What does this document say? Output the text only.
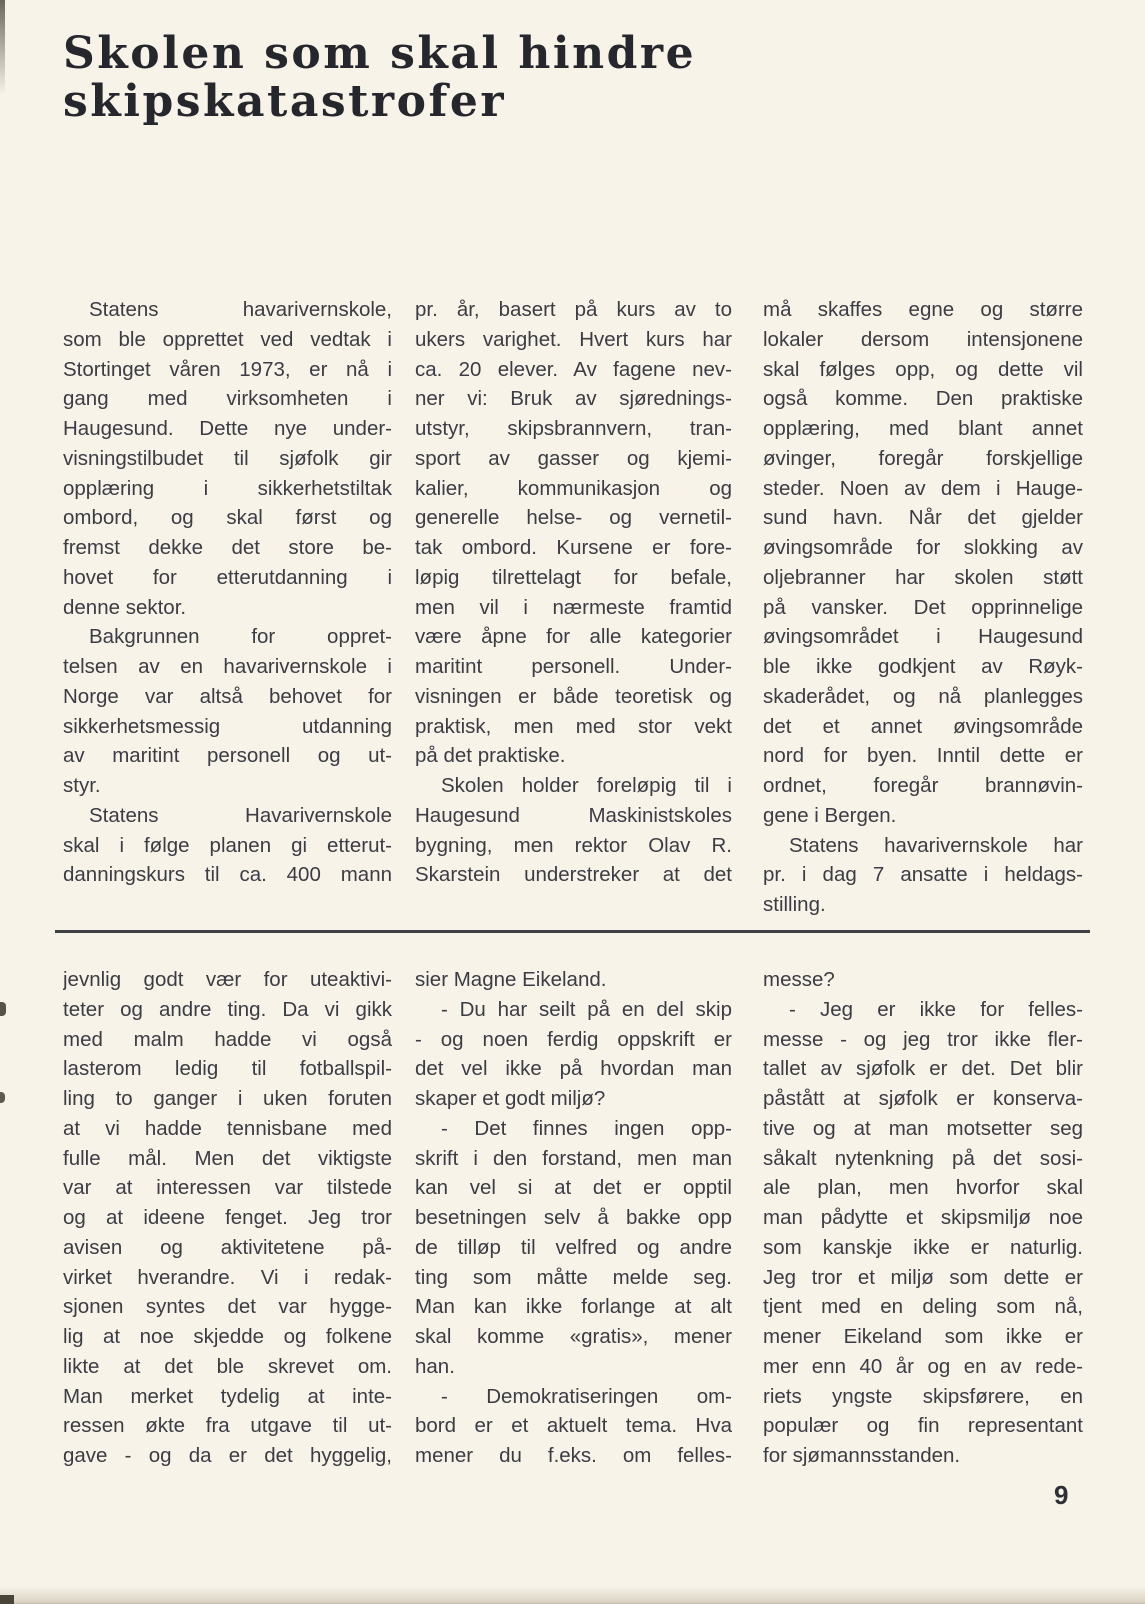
Skolen som skal hindre
skipskatastrofer
Statens havarivernskole,
som ble opprettet ved vedtak i
Stortinget våren 1973, er nå i
gang med virksomheten i
Haugesund. Dette nye under-
visningstilbudet til sjøfolk gir
opplæring i sikkerhetstiltak
ombord, og skal først og
fremst dekke det store be-
hovet for etterutdanning i
denne sektor.
Bakgrunnen for oppret-
telsen av en havarivernskole i
Norge var altså behovet for
sikkerhetsmessig utdanning
av maritint personell og ut-
styr.
Statens Havarivernskole
skal i følge planen gi etterut-
danningskurs til ca. 400 mann
pr. år, basert på kurs av to
ukers varighet. Hvert kurs har
ca. 20 elever. Av fagene nev-
ner vi: Bruk av sjørednings-
utstyr, skipsbrannvern, tran-
sport av gasser og kjemi-
kalier, kommunikasjon og
generelle helse- og vernetil-
tak ombord. Kursene er fore-
løpig tilrettelagt for befale,
men vil i nærmeste framtid
være åpne for alle kategorier
maritint personell. Under-
visningen er både teoretisk og
praktisk, men med stor vekt
på det praktiske.
Skolen holder foreløpig til i
Haugesund Maskinistskoles
bygning, men rektor Olav R.
Skarstein understreker at det
må skaffes egne og større
lokaler dersom intensjonene
skal følges opp, og dette vil
også komme. Den praktiske
opplæring, med blant annet
øvinger, foregår forskjellige
steder. Noen av dem i Hauge-
sund havn. Når det gjelder
øvingsområde for slokking av
oljebranner har skolen støtt
på vansker. Det opprinnelige
øvingsområdet i Haugesund
ble ikke godkjent av Røyk-
skaderådet, og nå planlegges
det et annet øvingsområde
nord for byen. Inntil dette er
ordnet, foregår brannøvin-
gene i Bergen.
Statens havarivernskole har
pr. i dag 7 ansatte i heldags-
stilling.
jevnlig godt vær for uteaktivi-
teter og andre ting. Da vi gikk
med malm hadde vi også
lasterom ledig til fotballspil-
ling to ganger i uken foruten
at vi hadde tennisbane med
fulle mål. Men det viktigste
var at interessen var tilstede
og at ideene fenget. Jeg tror
avisen og aktivitetene på-
virket hverandre. Vi i redak-
sjonen syntes det var hygge-
lig at noe skjedde og folkene
likte at det ble skrevet om.
Man merket tydelig at inte-
ressen økte fra utgave til ut-
gave - og da er det hyggelig,
sier Magne Eikeland.
- Du har seilt på en del skip
- og noen ferdig oppskrift er
det vel ikke på hvordan man
skaper et godt miljø?
- Det finnes ingen opp-
skrift i den forstand, men man
kan vel si at det er opptil
besetningen selv å bakke opp
de tilløp til velfred og andre
ting som måtte melde seg.
Man kan ikke forlange at alt
skal komme «gratis», mener
han.
- Demokratiseringen om-
bord er et aktuelt tema. Hva
mener du f.eks. om felles-
messe?
- Jeg er ikke for felles-
messe - og jeg tror ikke fler-
tallet av sjøfolk er det. Det blir
påstått at sjøfolk er konserva-
tive og at man motsetter seg
såkalt nytenkning på det sosi-
ale plan, men hvorfor skal
man pådytte et skipsmiljø noe
som kanskje ikke er naturlig.
Jeg tror et miljø som dette er
tjent med en deling som nå,
mener Eikeland som ikke er
mer enn 40 år og en av rede-
riets yngste skipsførere, en
populær og fin representant
for sjømannsstanden.
9
